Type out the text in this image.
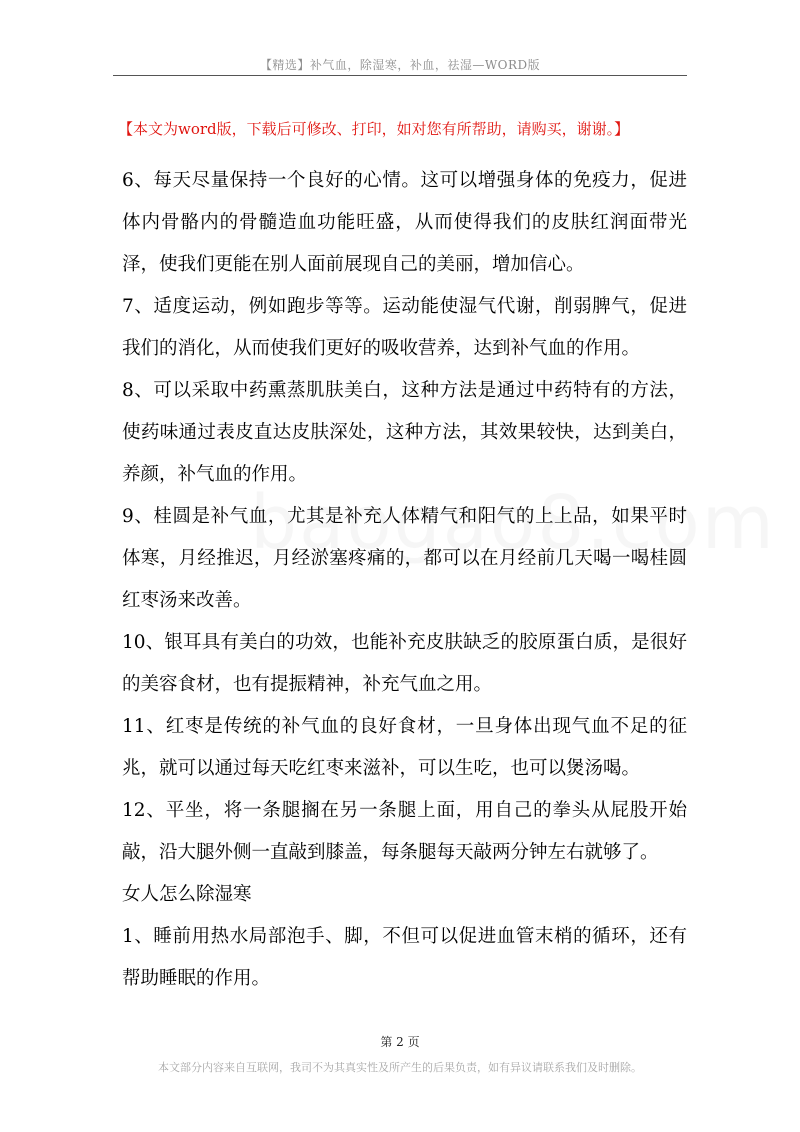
【精选】补气血，除湿寒，补血，祛湿—WORD版
【本文为word版，下载后可修改、打印，如对您有所帮助，请购买，谢谢。】

6、每天尽量保持一个良好的心情。这可以增强身体的免疫力，促进体内骨骼内的骨髓造血功能旺盛，从而使得我们的皮肤红润面带光泽，使我们更能在别人面前展现自己的美丽，增加信心。

7、适度运动，例如跑步等等。运动能使湿气代谢，削弱脾气，促进我们的消化，从而使我们更好的吸收营养，达到补气血的作用。

8、可以采取中药熏蒸肌肤美白，这种方法是通过中药特有的方法，使药味通过表皮直达皮肤深处，这种方法，其效果较快，达到美白，养颜，补气血的作用。

9、桂圆是补气血，尤其是补充人体精气和阳气的上上品，如果平时体寒，月经推迟，月经淤塞疼痛的，都可以在月经前几天喝一喝桂圆红枣汤来改善。

10、银耳具有美白的功效，也能补充皮肤缺乏的胶原蛋白质，是很好的美容食材，也有提振精神，补充气血之用。

11、红枣是传统的补气血的良好食材，一旦身体出现气血不足的征兆，就可以通过每天吃红枣来滋补，可以生吃，也可以煲汤喝。

12、平坐，将一条腿搁在另一条腿上面，用自己的拳头从屁股开始敲，沿大腿外侧一直敲到膝盖，每条腿每天敲两分钟左右就够了。

女人怎么除湿寒

1、睡前用热水局部泡手、脚，不但可以促进血管末梢的循环，还有帮助睡眠的作用。

第 2 页
本文部分内容来自互联网，我司不为其真实性及所产生的后果负责，如有异议请联系我们及时删除。
